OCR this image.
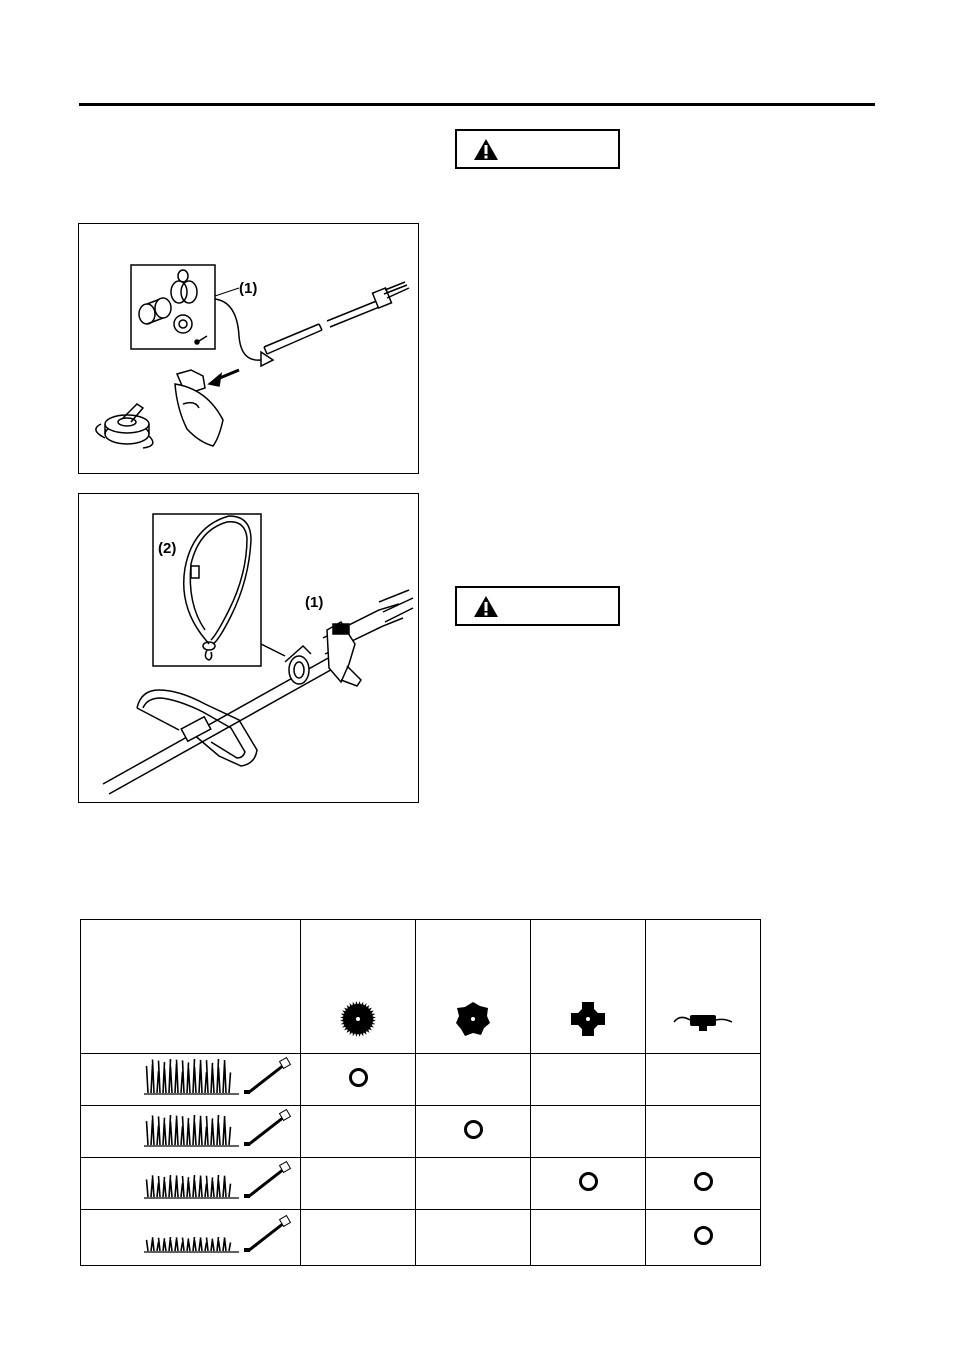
(1)
(2)
(1)
